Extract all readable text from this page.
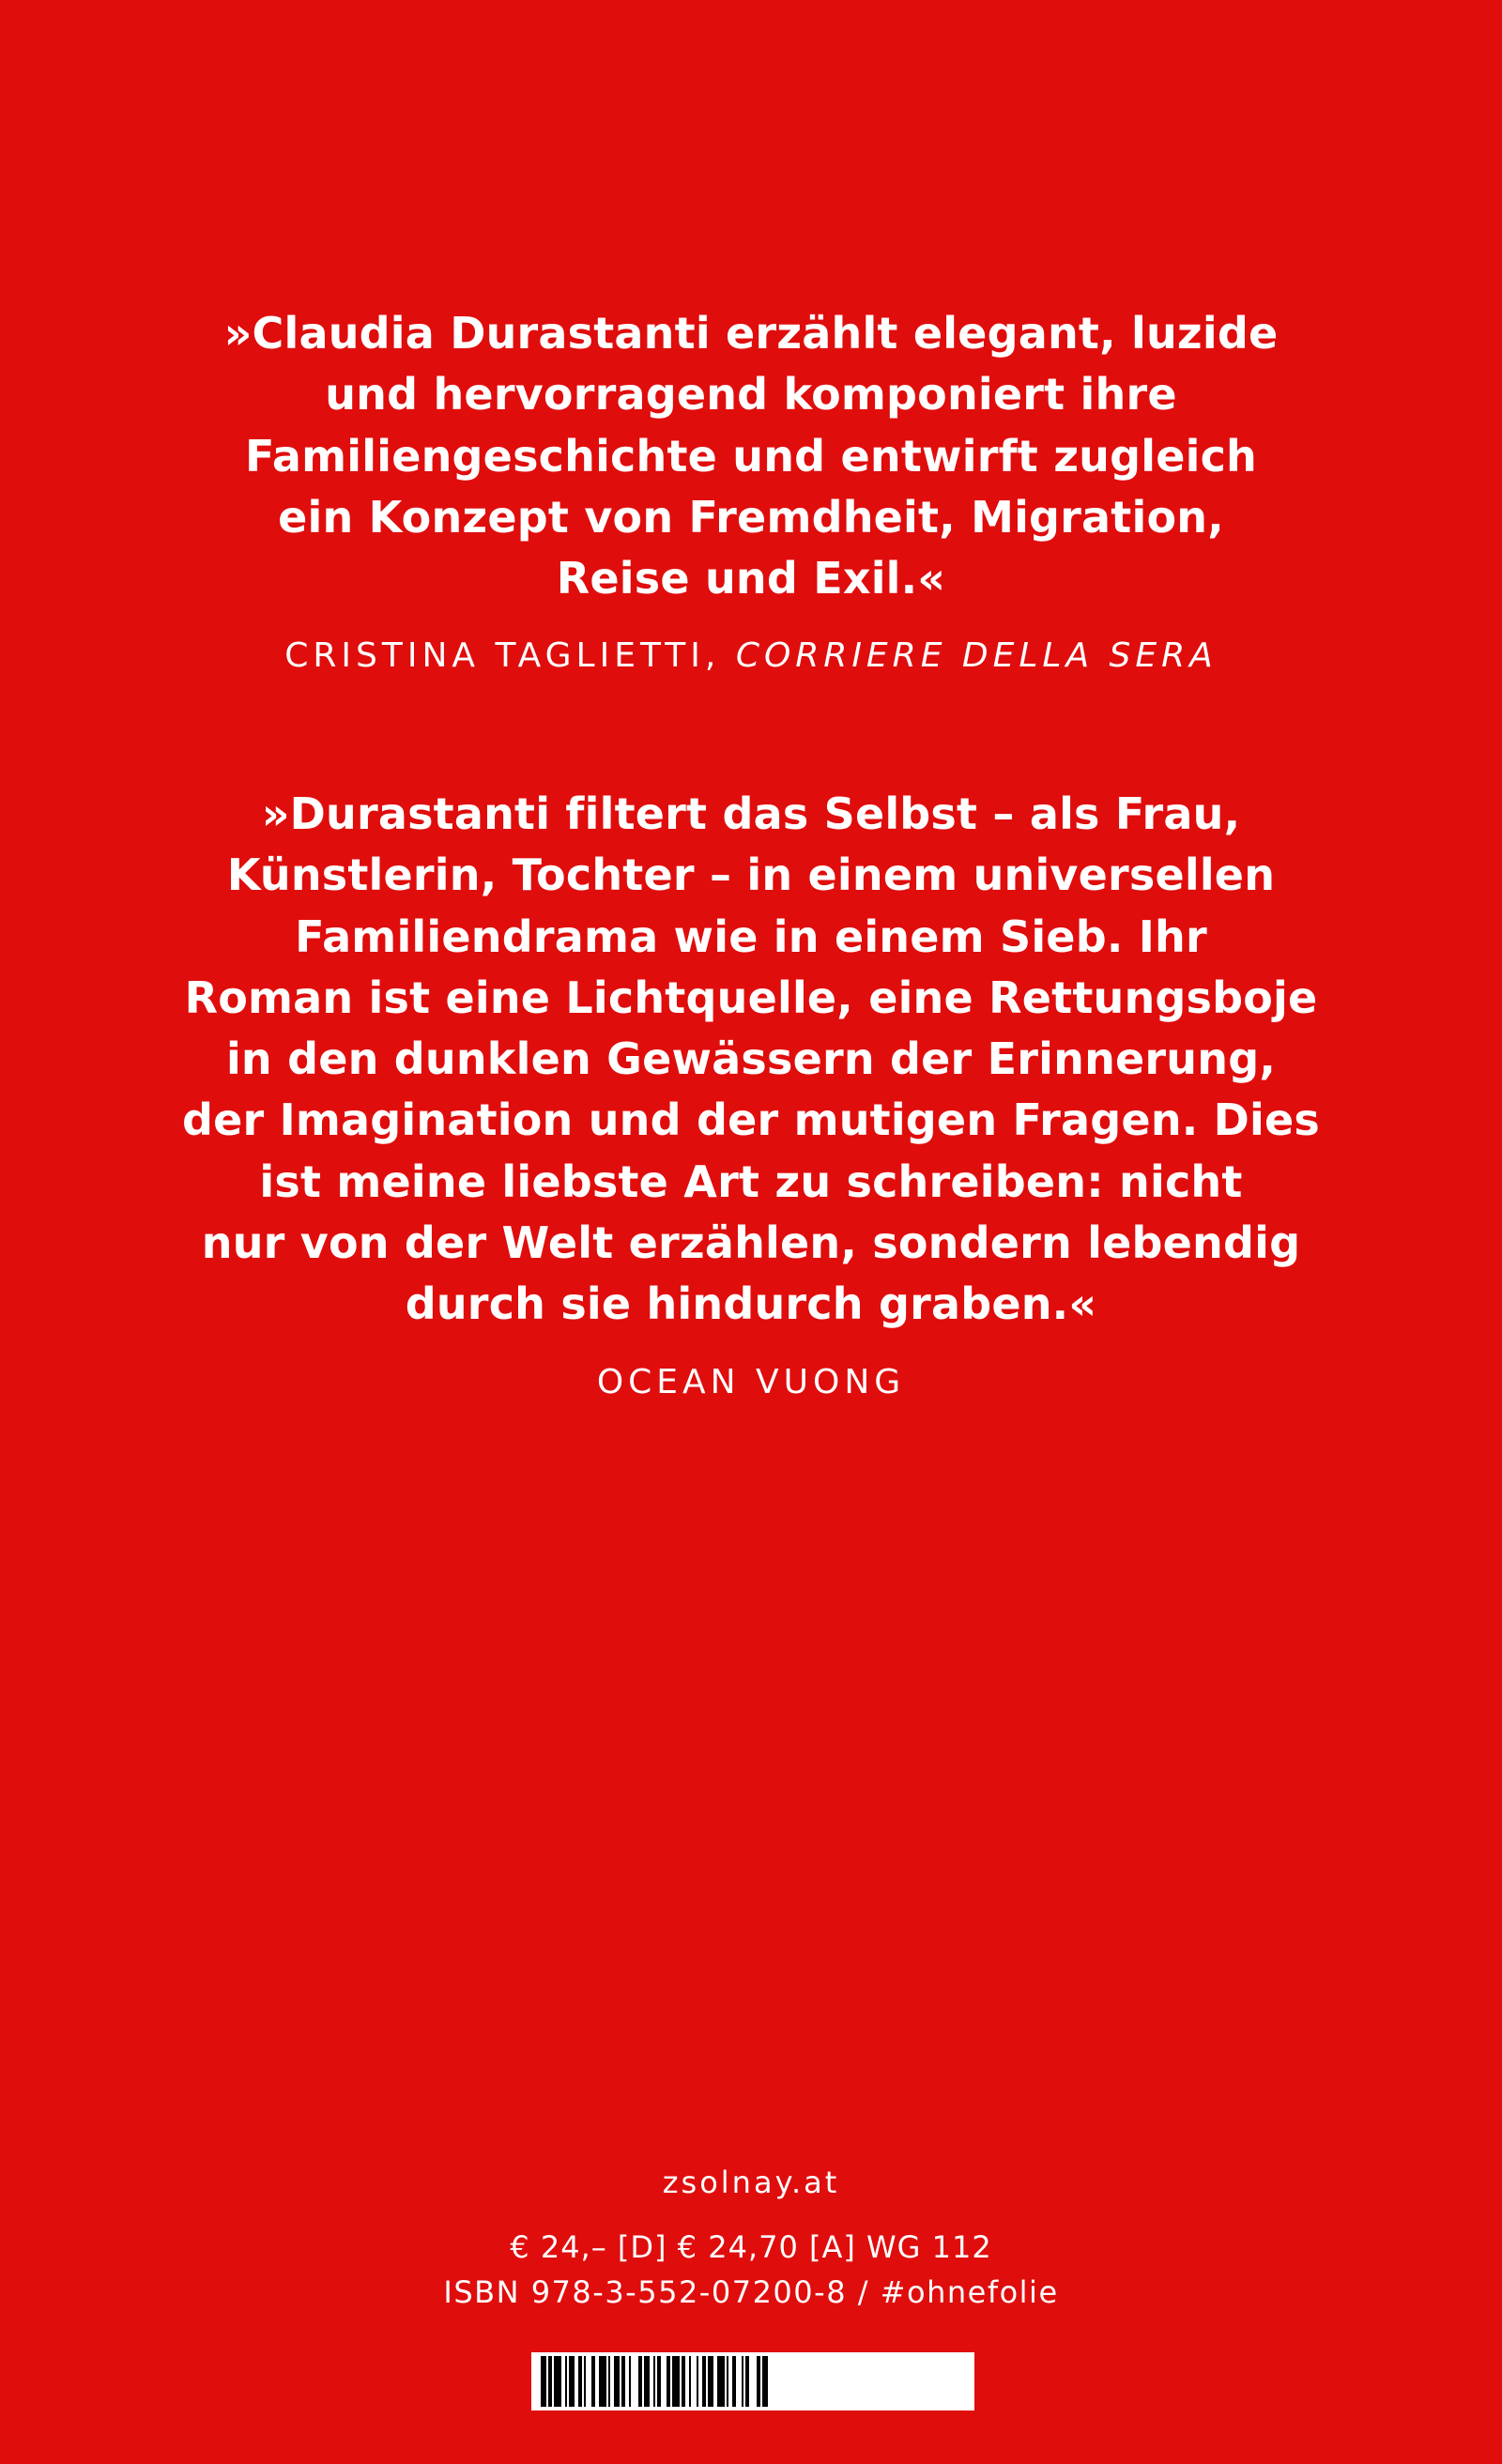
»Claudia Durastanti erzählt elegant, luzide
und hervorragend komponiert ihre
Familiengeschichte und entwirft zugleich
ein Konzept von Fremdheit, Migration,
Reise und Exil.«
CRISTINA TAGLIETTI, CORRIERE DELLA SERA
»Durastanti filtert das Selbst – als Frau,
Künstlerin, Tochter – in einem universellen
Familiendrama wie in einem Sieb. Ihr
Roman ist eine Lichtquelle, eine Rettungsboje
in den dunklen Gewässern der Erinnerung,
der Imagination und der mutigen Fragen. Dies
ist meine liebste Art zu schreiben: nicht
nur von der Welt erzählen, sondern lebendig
durch sie hindurch graben.«
OCEAN VUONG
zsolnay.at
€ 24,– [D] € 24,70 [A] WG 112
ISBN 978-3-552-07200-8 / #ohnefolie
